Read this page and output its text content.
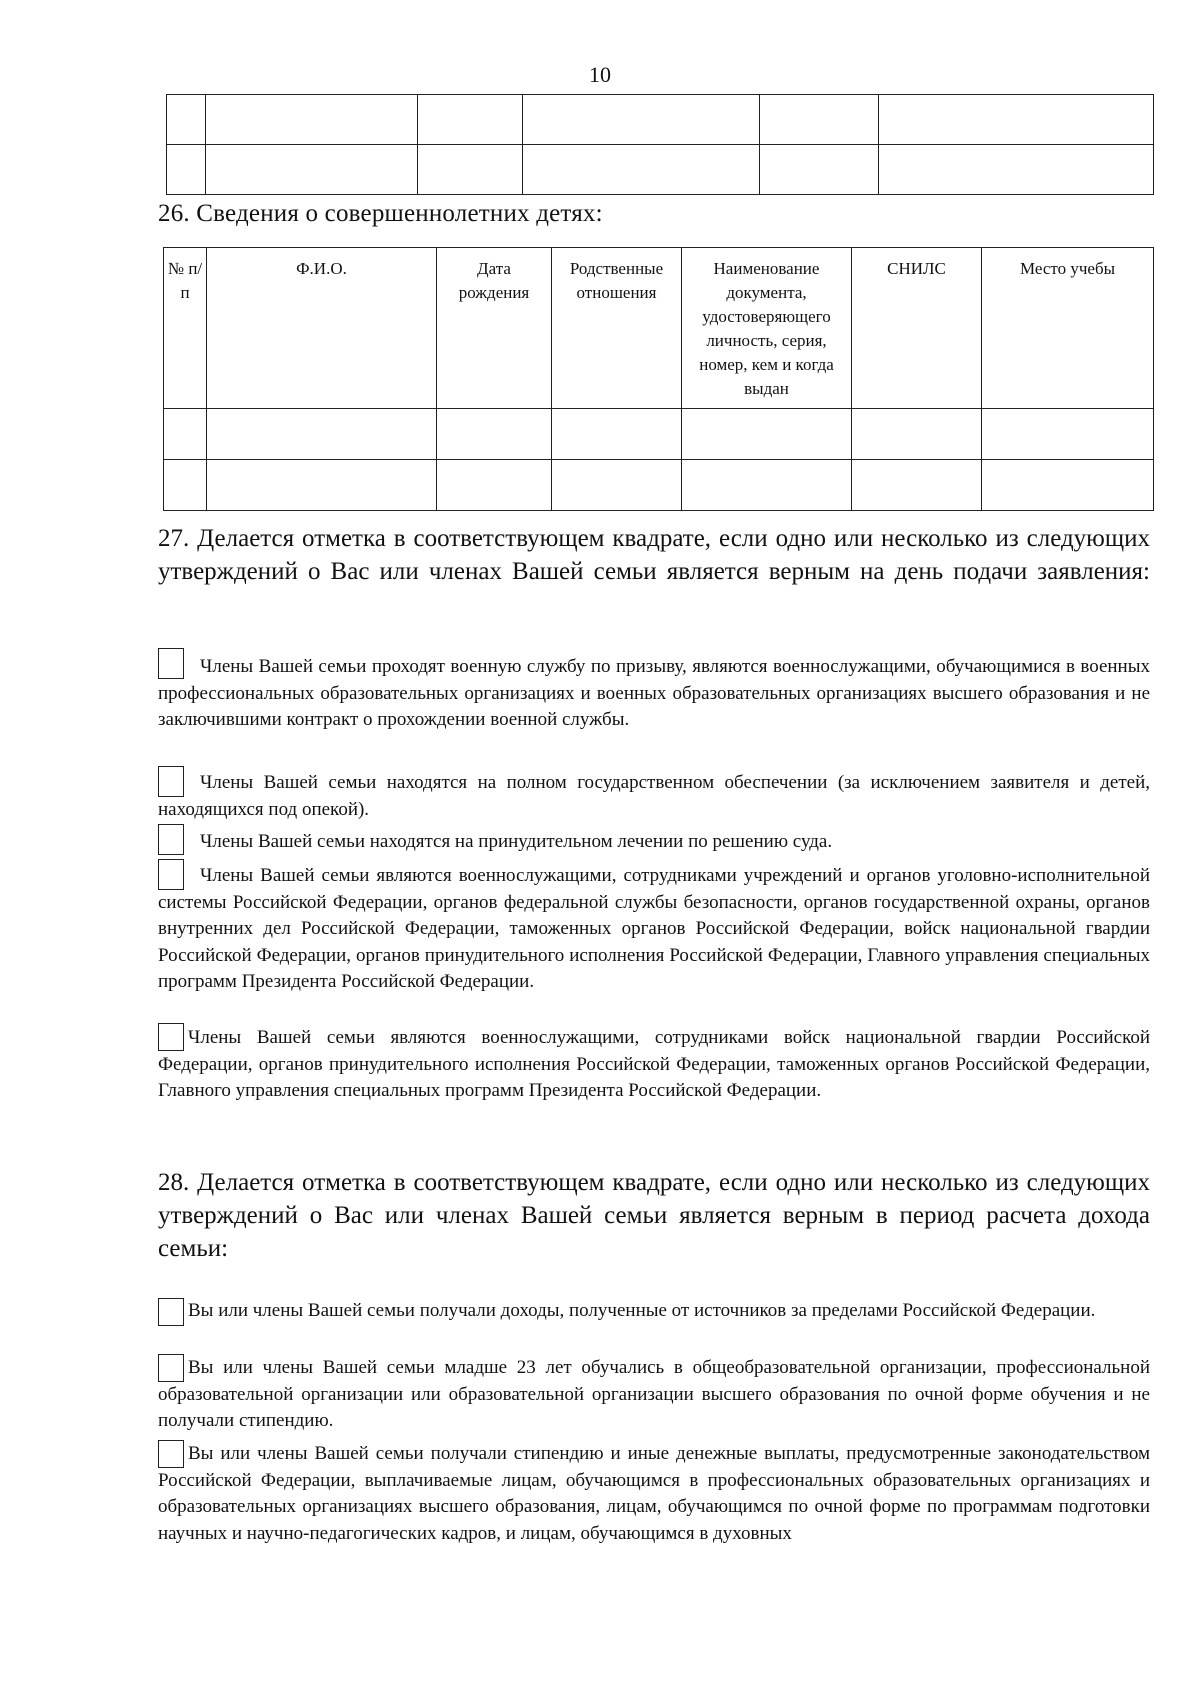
10

26. Сведения о совершеннолетних детях:
№ п/п	Ф.И.О.	Дата рождения	Родственные отношения	Наименование документа, удостоверяющего личность, серия, номер, кем и когда выдан	СНИЛС	Место учебы

27. Делается отметка в соответствующем квадрате, если одно или несколько из следующих утверждений о Вас или членах Вашей семьи является верным на день подачи заявления:
Члены Вашей семьи проходят военную службу по призыву, являются военнослужащими, обучающимися в военных профессиональных образовательных организациях и военных образовательных организациях высшего образования и не заключившими контракт о прохождении военной службы.
Члены Вашей семьи находятся на полном государственном обеспечении (за исключением заявителя и детей, находящихся под опекой).
Члены Вашей семьи находятся на принудительном лечении по решению суда.
Члены Вашей семьи являются военнослужащими, сотрудниками учреждений и органов уголовно-исполнительной системы Российской Федерации, органов федеральной службы безопасности, органов государственной охраны, органов внутренних дел Российской Федерации, таможенных органов Российской Федерации, войск национальной гвардии Российской Федерации, органов принудительного исполнения Российской Федерации, Главного управления специальных программ Президента Российской Федерации.
Члены Вашей семьи являются военнослужащими, сотрудниками войск национальной гвардии Российской Федерации, органов принудительного исполнения Российской Федерации, таможенных органов Российской Федерации, Главного управления специальных программ Президента Российской Федерации.
28. Делается отметка в соответствующем квадрате, если одно или несколько из следующих утверждений о Вас или членах Вашей семьи является верным в период расчета дохода семьи:
Вы или члены Вашей семьи получали доходы, полученные от источников за пределами Российской Федерации.
Вы или члены Вашей семьи младше 23 лет обучались в общеобразовательной организации, профессиональной образовательной организации или образовательной организации высшего образования по очной форме обучения и не получали стипендию.
Вы или члены Вашей семьи получали стипендию и иные денежные выплаты, предусмотренные законодательством Российской Федерации, выплачиваемые лицам, обучающимся в профессиональных образовательных организациях и образовательных организациях высшего образования, лицам, обучающимся по очной форме по программам подготовки научных и научно-педагогических кадров, и лицам, обучающимся в духовных
